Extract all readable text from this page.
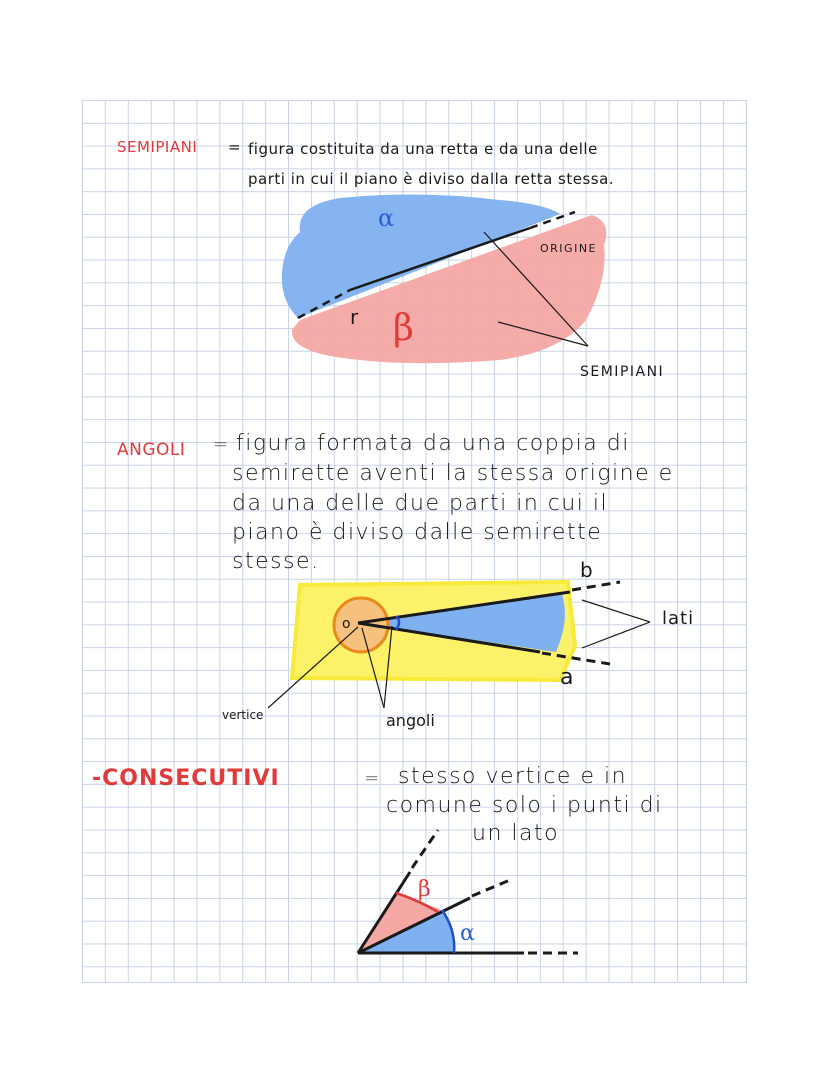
SEMIPIANI = figura costituita da una retta e da una delle
parti in cui il piano è diviso dalla retta stessa.
α
β
r
ORIGINE
SEMIPIANI
ANGOLI = figura formata da una coppia di
semirette aventi la stessa origine e
da una delle due parti in cui il
piano è diviso dalle semirette
stesse.
o
b
a
lati
vertice	angoli
-CONSECUTIVI	= stesso vertice e in
comune solo i punti di
un lato
β
α
